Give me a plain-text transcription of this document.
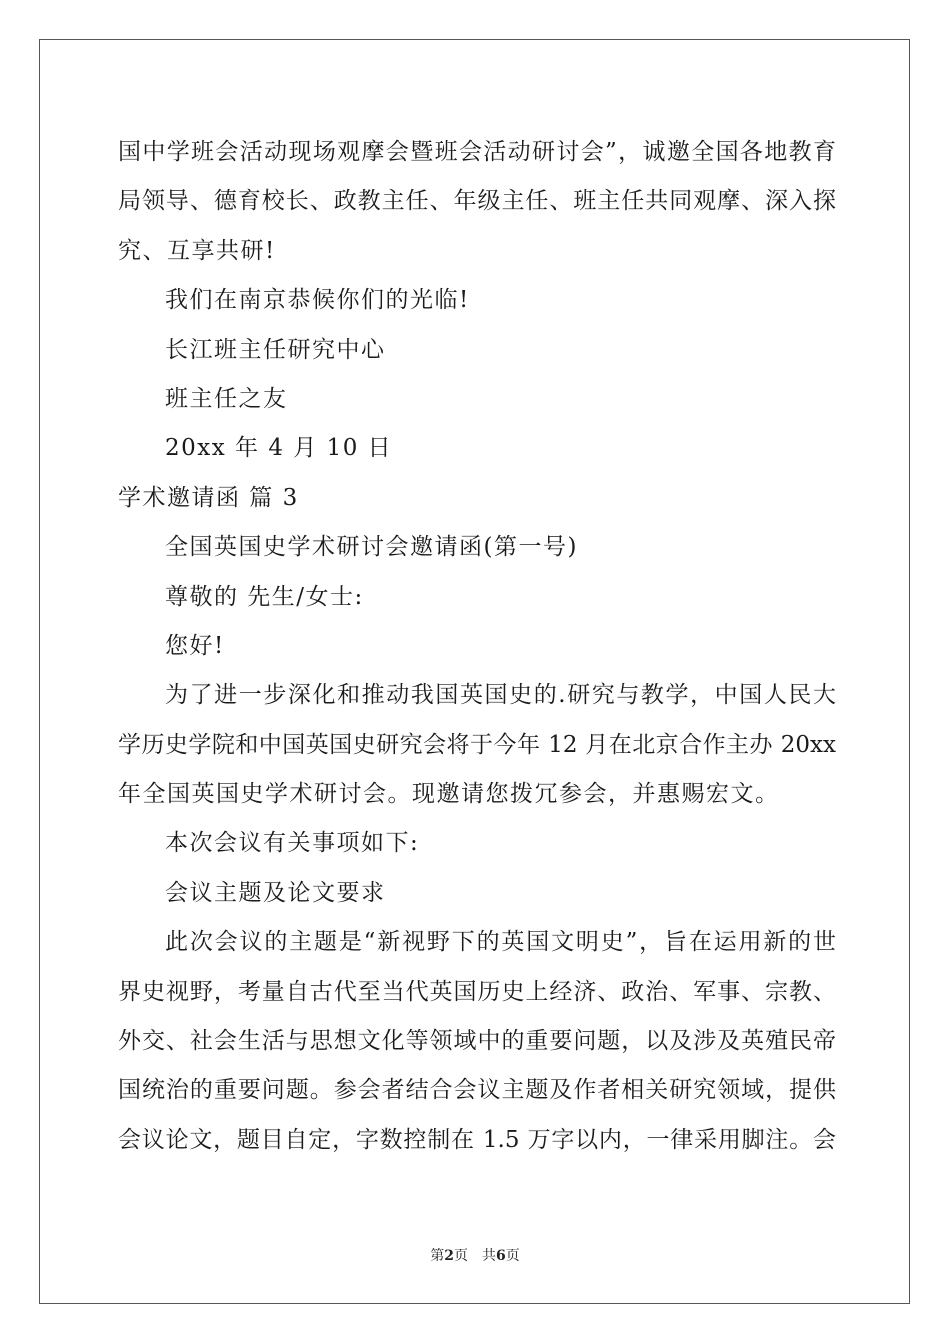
国中学班会活动现场观摩会暨班会活动研讨会”，诚邀全国各地教育
局领导、德育校长、政教主任、年级主任、班主任共同观摩、深入探
究、互享共研!
我们在南京恭候你们的光临!
长江班主任研究中心
班主任之友
20xx 年 4 月 10 日
学术邀请函 篇 3
全国英国史学术研讨会邀请函(第一号)
尊敬的 先生/女士:
您好!
为了进一步深化和推动我国英国史的.研究与教学，中国人民大
学历史学院和中国英国史研究会将于今年 12 月在北京合作主办 20xx
年全国英国史学术研讨会。现邀请您拨冗参会，并惠赐宏文。
本次会议有关事项如下:
会议主题及论文要求
此次会议的主题是“新视野下的英国文明史”，旨在运用新的世
界史视野，考量自古代至当代英国历史上经济、政治、军事、宗教、
外交、社会生活与思想文化等领域中的重要问题，以及涉及英殖民帝
国统治的重要问题。参会者结合会议主题及作者相关研究领域，提供
会议论文，题目自定，字数控制在 1.5 万字以内，一律采用脚注。会
第2页 共6页
